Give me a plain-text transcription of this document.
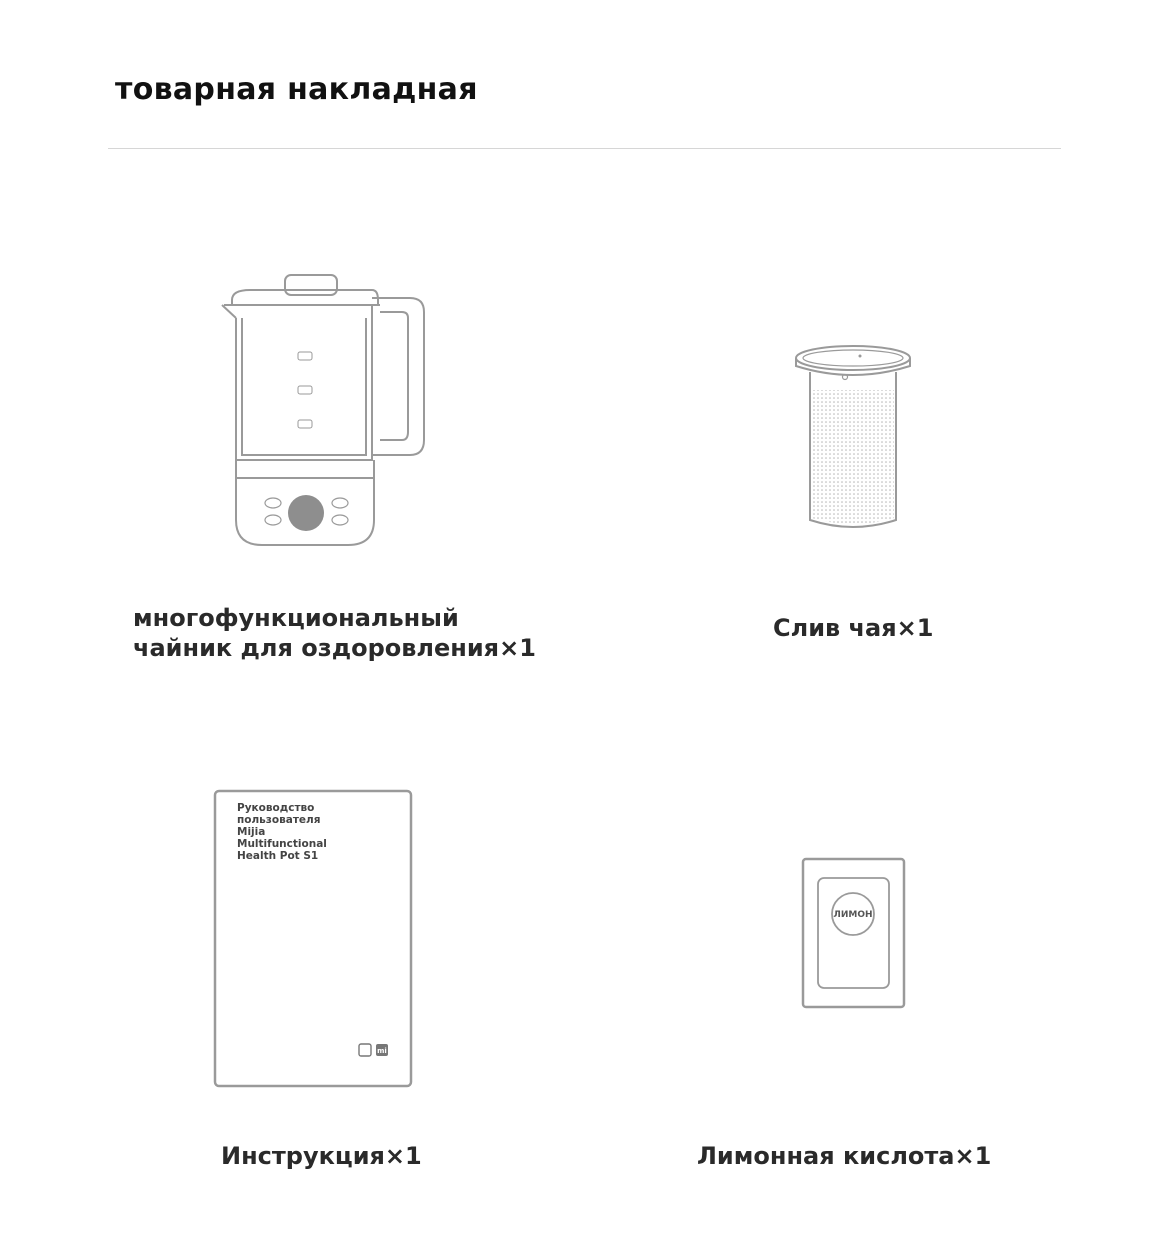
товарная накладная
многофункциональный
чайник для оздоровления×1
Слив чая×1
mi
Руководство
пользователя
Mijia
Multifunctional
Health Pot S1
Инструкция×1
ЛИМОН
Лимонная кислота×1
